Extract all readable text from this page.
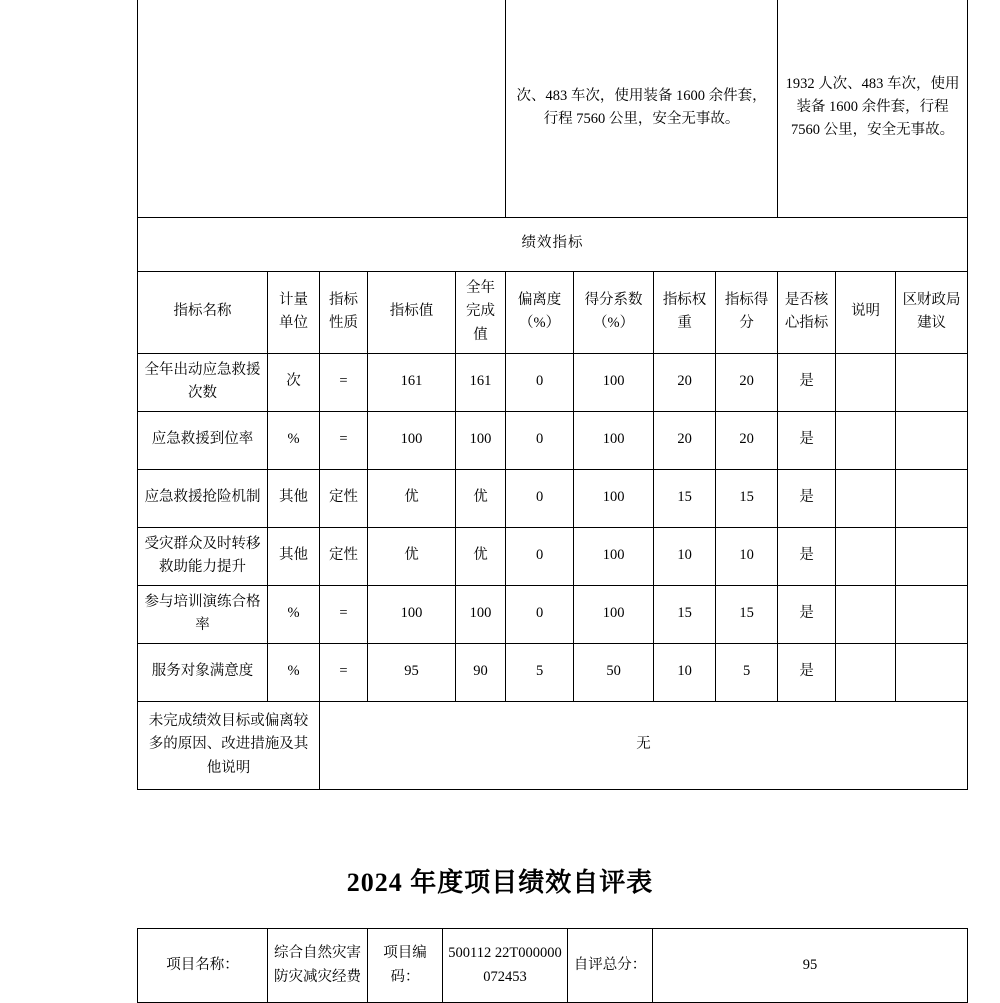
					次、483 车次，使用装备 1600 余件套，行程 7560 公里，安全无事故。				1932 人次、483 车次，使用装备 1600 余件套，行程 7560 公里，安全无事故。		
绩效指标											
指标名称	计量单位	指标性质	指标值	全年完成值	偏离度（%）	得分系数（%）	指标权重	指标得分	是否核心指标	说明	区财政局建议
全年出动应急救援次数	次	=	161	161	0	100	20	20	是		
应急救援到位率	%	=	100	100	0	100	20	20	是		
应急救援抢险机制	其他	定性	优	优	0	100	15	15	是		
受灾群众及时转移救助能力提升	其他	定性	优	优	0	100	10	10	是		
参与培训演练合格率	%	=	100	100	0	100	15	15	是		
服务对象满意度	%	=	95	90	5	50	10	5	是		
未完成绩效目标或偏离较多的原因、改进措施及其他说明		无									
2024 年度项目绩效自评表
项目名称：	综合自然灾害防灾减灾经费	项目编码：	500112 22T000000072453	自评总分：	95
